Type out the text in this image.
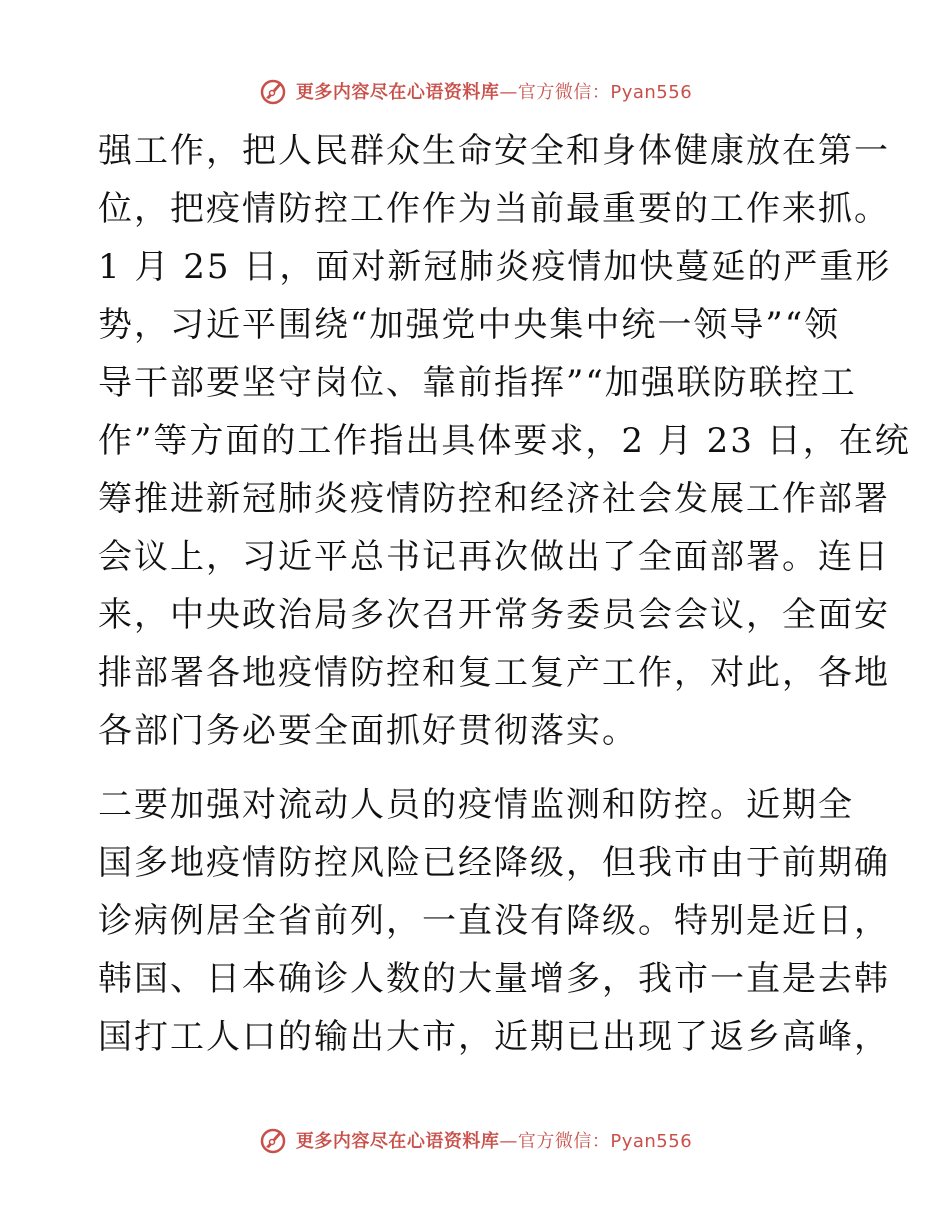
更多内容尽在心语资料库—官方微信：Pyan556
强工作，把人民群众生命安全和身体健康放在第一
位，把疫情防控工作作为当前最重要的工作来抓。
1 月 25 日，面对新冠肺炎疫情加快蔓延的严重形
势，习近平围绕“加强党中央集中统一领导”“领
导干部要坚守岗位、靠前指挥”“加强联防联控工
作”等方面的工作指出具体要求，2 月 23 日，在统
筹推进新冠肺炎疫情防控和经济社会发展工作部署
会议上，习近平总书记再次做出了全面部署。连日
来，中央政治局多次召开常务委员会会议，全面安
排部署各地疫情防控和复工复产工作，对此，各地
各部门务必要全面抓好贯彻落实。
二要加强对流动人员的疫情监测和防控。近期全
国多地疫情防控风险已经降级，但我市由于前期确
诊病例居全省前列，一直没有降级。特别是近日，
韩国、日本确诊人数的大量增多，我市一直是去韩
国打工人口的输出大市，近期已出现了返乡高峰，
更多内容尽在心语资料库—官方微信：Pyan556
